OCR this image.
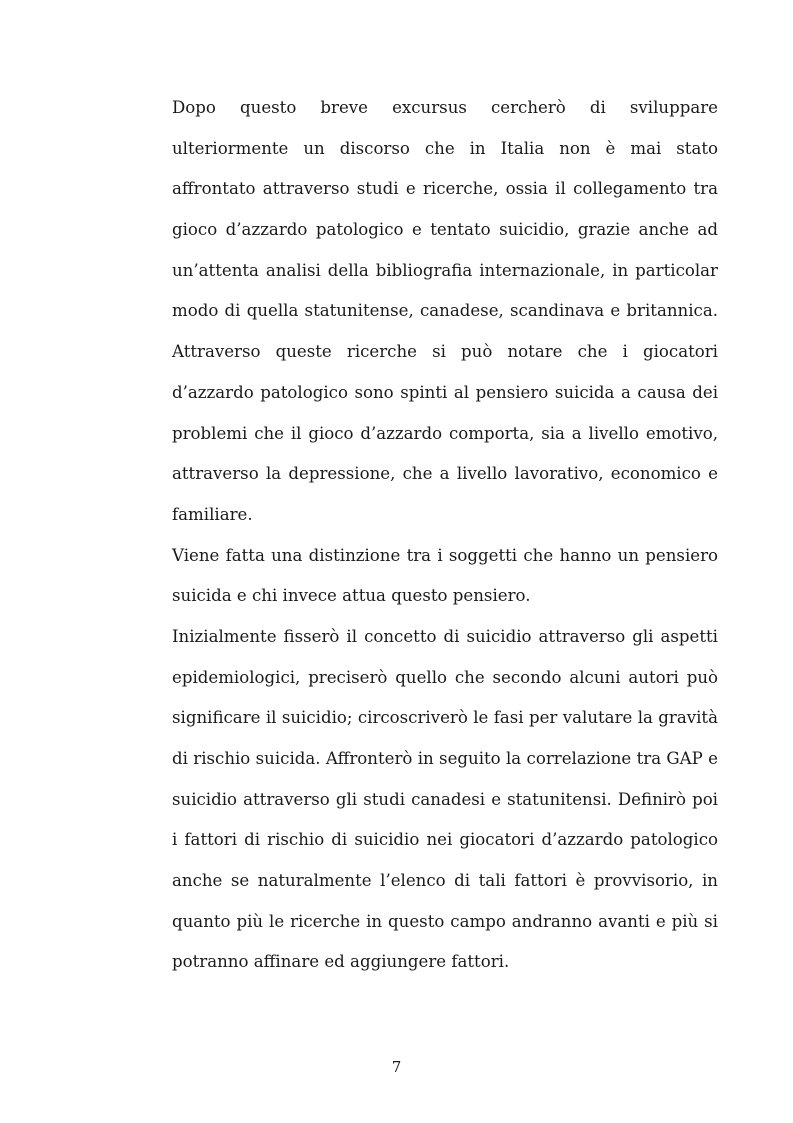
Dopo questo breve excursus cercherò di sviluppare
ulteriormente un discorso che in Italia non è mai stato
affrontato attraverso studi e ricerche, ossia il collegamento tra
gioco d’azzardo patologico e tentato suicidio, grazie anche ad
un’attenta analisi della bibliografia internazionale, in particolar
modo di quella statunitense, canadese, scandinava e britannica.
Attraverso queste ricerche si può notare che i giocatori
d’azzardo patologico sono spinti al pensiero suicida a causa dei
problemi che il gioco d’azzardo comporta, sia a livello emotivo,
attraverso la depressione, che a livello lavorativo, economico e
familiare.
Viene fatta una distinzione tra i soggetti che hanno un pensiero
suicida e chi invece attua questo pensiero.
Inizialmente fisserò il concetto di suicidio attraverso gli aspetti
epidemiologici, preciserò quello che secondo alcuni autori può
significare il suicidio; circoscriverò le fasi per valutare la gravità
di rischio suicida. Affronterò in seguito la correlazione tra GAP e
suicidio attraverso gli studi canadesi e statunitensi. Definirò poi
i fattori di rischio di suicidio nei giocatori d’azzardo patologico
anche se naturalmente l’elenco di tali fattori è provvisorio, in
quanto più le ricerche in questo campo andranno avanti e più si
potranno affinare ed aggiungere fattori.
7
